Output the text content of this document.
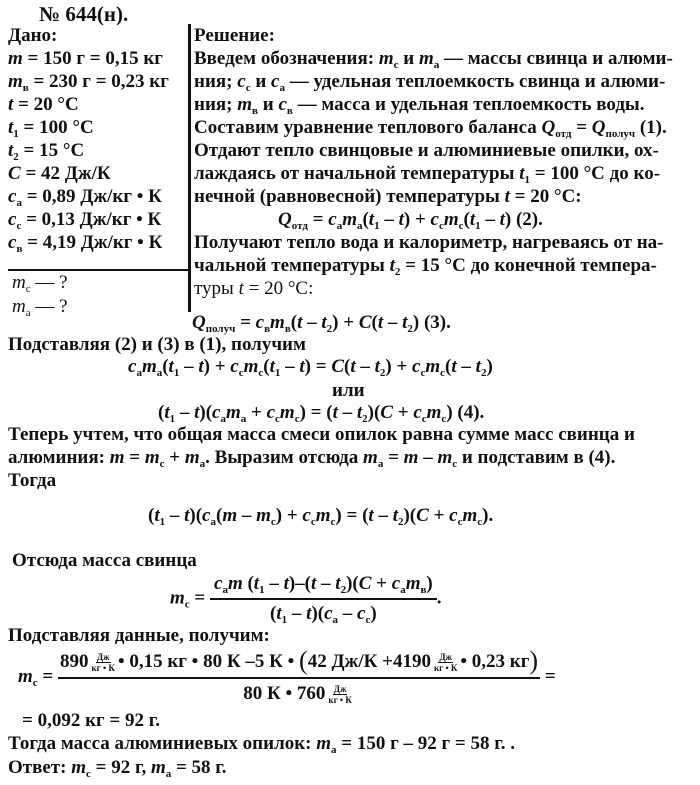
№ 644(н).
Дано:
m = 150 г = 0,15 кг
$m_в = 230$ г = 0,23 кг
t = 20 °С
$t_1 = 100$ °С
$t_2 = 15$ °С
C = 42 Дж/К
$c_а = 0,89$ Дж/кг • К
$c_с = 0,13$ Дж/кг • К
$c_в = 4,19$ Дж/кг • К
$m_с$ — ?
$m_а$ — ?
Решение:
Введем обозначения: $m_с$ и $m_а$ — массы свинца и алюми-
ния; $c_с$ и $c_а$ — удельная теплоемкость свинца и алюми-
ния; $m_в$ и $c_в$ — масса и удельная теплоемкость воды.
Составим уравнение теплового баланса $Q_{отд} = Q_{получ}$ (1).
Отдают тепло свинцовые и алюминиевые опилки, ох-
лаждаясь от начальной температуры $t_1 = 100$ °С до ко-
нечной (равновесной) температуры t = 20 °С:
$Q_{отд} = c_аm_а(t_1 - t) + c_сm_с(t_1 - t)$ (2).
Получают тепло вода и калориметр, нагреваясь от на-
чальной температуры $t_2 = 15$ °С до конечной темпера-
туры t = 20 °С:
$Q_{получ} = c_вm_в(t - t_2) + C(t - t_2)$ (3).
Подставляя (2) и (3) в (1), получим
$c_аm_а(t_1 - t) + c_сm_с(t_1 - t) = C(t - t_2) + c_сm_с(t - t_2)$
или
$(t_1 - t)(c_аm_а + c_сm_с) = (t - t_2)(C + c_сm_с)$ (4).
Теперь учтем, что общая масса смеси опилок равна сумме масс свинца и
алюминия: $m = m_с + m_а$. Выразим отсюда $m_а = m - m_с$ и подставим в (4).
Тогда
$(t_1 - t)(c_а(m - m_с) + c_сm_с) = (t - t_2)(C + c_сm_с)$.
Отсюда масса свинца
$m_с = \frac{c_аm (t_1 - t)-(t - t_2)(C + c_аm_в)}{(t_1 - t)(c_а - c_с)}$ .
Подставляя данные, получим:
$m_с$ =
890 Дж
кг • К • 0,15 кг • 80 К –5 К • (42 Дж/К +4190 Дж
кг • К • 0,23 кг)
80 К • 760 Дж
кг • К
=
= 0,092 кг = 92 г.
Тогда масса алюминиевых опилок: $m_а = 150$ г – 92 г = 58 г. .
Ответ: $m_с = 92$ г, $m_а = 58$ г.
